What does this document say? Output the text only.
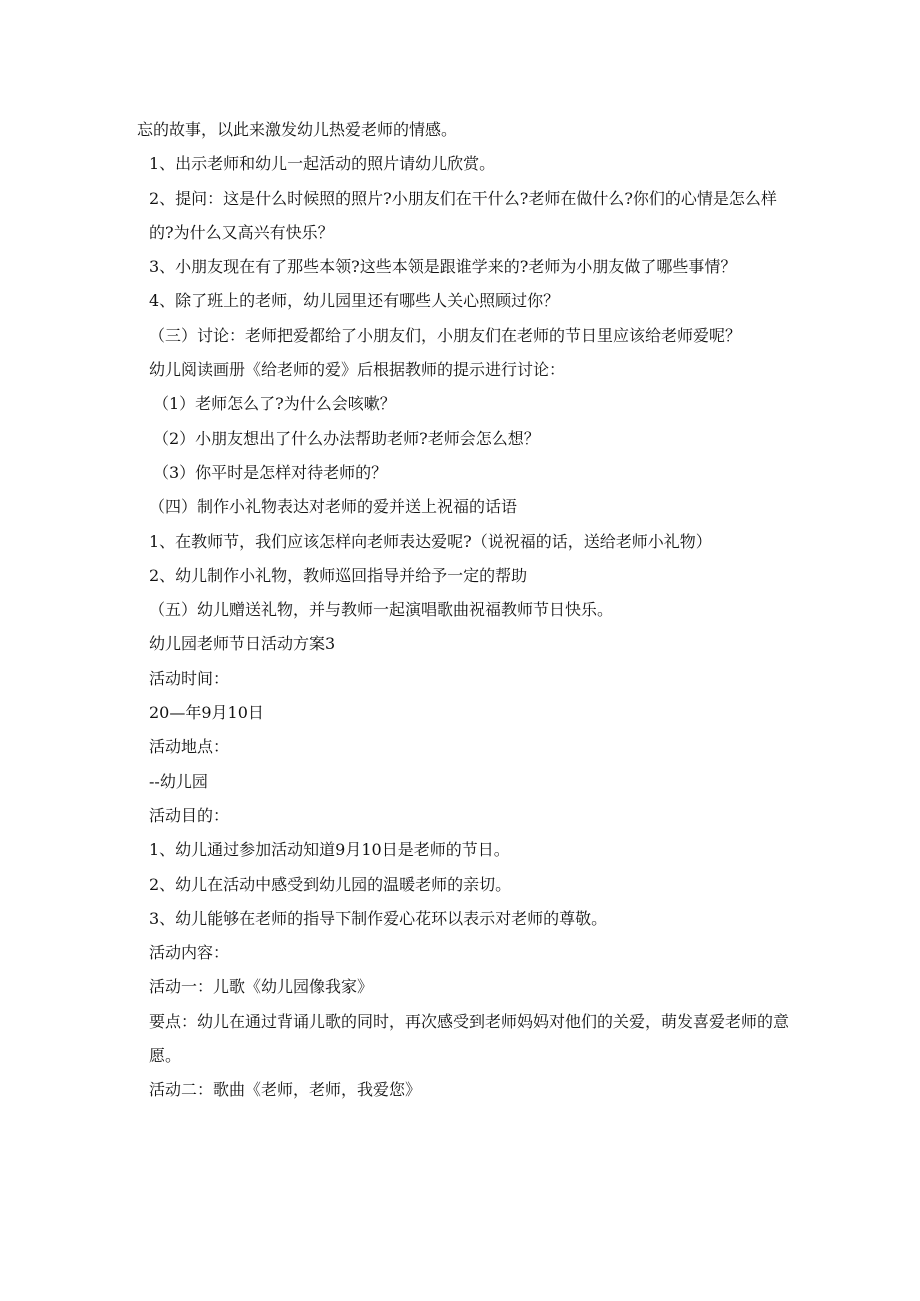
忘的故事，以此来激发幼儿热爱老师的情感。

1、出示老师和幼儿一起活动的照片请幼儿欣赏。

2、提问：这是什么时候照的照片?小朋友们在干什么?老师在做什么?你们的心情是怎么样的?为什么又高兴有快乐？

3、小朋友现在有了那些本领?这些本领是跟谁学来的?老师为小朋友做了哪些事情？

4、除了班上的老师，幼儿园里还有哪些人关心照顾过你？

（三）讨论：老师把爱都给了小朋友们，小朋友们在老师的节日里应该给老师爱呢？

幼儿阅读画册《给老师的爱》后根据教师的提示进行讨论：

（1）老师怎么了?为什么会咳嗽？

（2）小朋友想出了什么办法帮助老师?老师会怎么想？

（3）你平时是怎样对待老师的？

（四）制作小礼物表达对老师的爱并送上祝福的话语

1、在教师节，我们应该怎样向老师表达爱呢?（说祝福的话，送给老师小礼物）

2、幼儿制作小礼物，教师巡回指导并给予一定的帮助

（五）幼儿赠送礼物，并与教师一起演唱歌曲祝福教师节日快乐。

幼儿园老师节日活动方案3

活动时间：

20—年9月10日

活动地点：

--幼儿园

活动目的：

1、幼儿通过参加活动知道9月10日是老师的节日。

2、幼儿在活动中感受到幼儿园的温暖老师的亲切。

3、幼儿能够在老师的指导下制作爱心花环以表示对老师的尊敬。

活动内容：

活动一：儿歌《幼儿园像我家》

要点：幼儿在通过背诵儿歌的同时，再次感受到老师妈妈对他们的关爱，萌发喜爱老师的意愿。

活动二：歌曲《老师，老师，我爱您》
